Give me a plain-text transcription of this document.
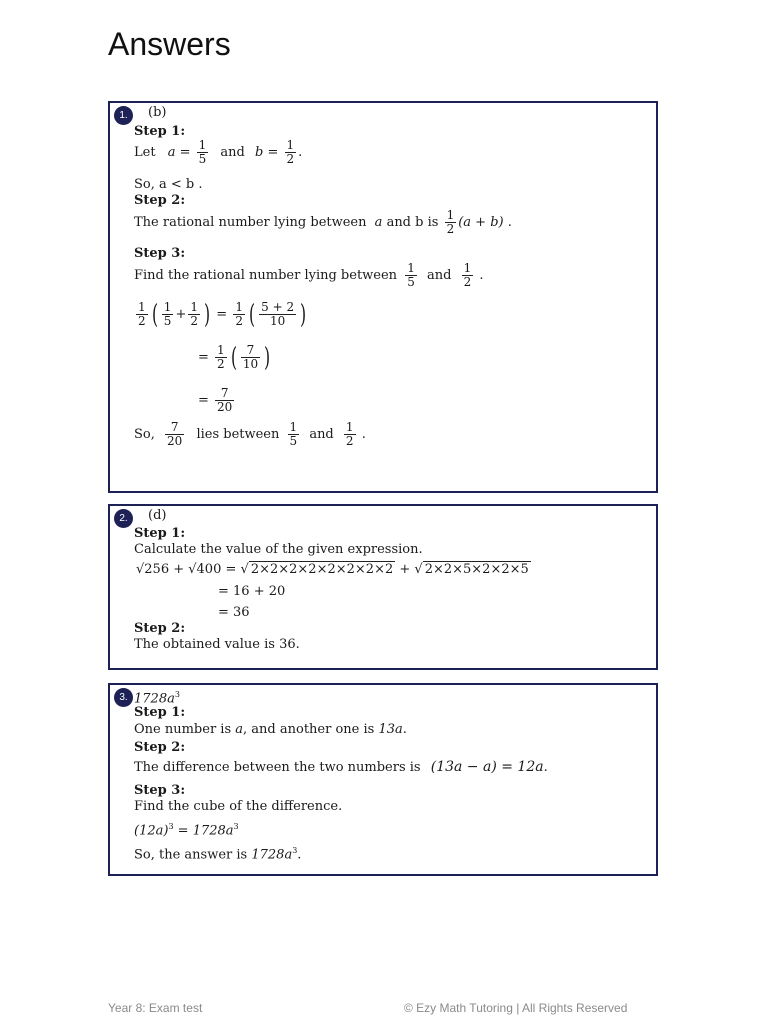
Answers
1.	(b)
Step 1:
Let $a = \frac{1}{5}$ and $b = \frac{1}{2}$ .
So, a < b .
Step 2:
The rational number lying between a and b is $\frac{1}{2} (a + b)$ .
Step 3:
Find the rational number lying between $\frac{1}{5}$ and $\frac{1}{2}$ .
$\frac{1}{2}$ ( $\frac{1}{5} + \frac{1}{2}$ ) = $\frac{1}{2}$ ( $\frac{5 + 2}{10}$ )
= $\frac{1}{2}$ ( $\frac{7}{10}$ )
= $\frac{7}{20}$
So, $\frac{7}{20}$ lies between $\frac{1}{5}$ and $\frac{1}{2}$ .
2.	(d)
Step 1:
Calculate the value of the given expression.
√256 + √400 = √ 2×2×2×2×2×2×2×2 + √ 2×2×5×2×2×5
= 16 + 20
= 36
Step 2:
The obtained value is 36.
3. $1728a^3$
Step 1:
One number is a, and another one is 13a.
Step 2:
The difference between the two numbers is (13a − a) = 12a.
Step 3:
Find the cube of the difference.
$(12a)^3 = 1728a^3$
So, the answer is $1728a^3$.
Year 8: Exam test	© Ezy Math Tutoring | All Rights Reserved
